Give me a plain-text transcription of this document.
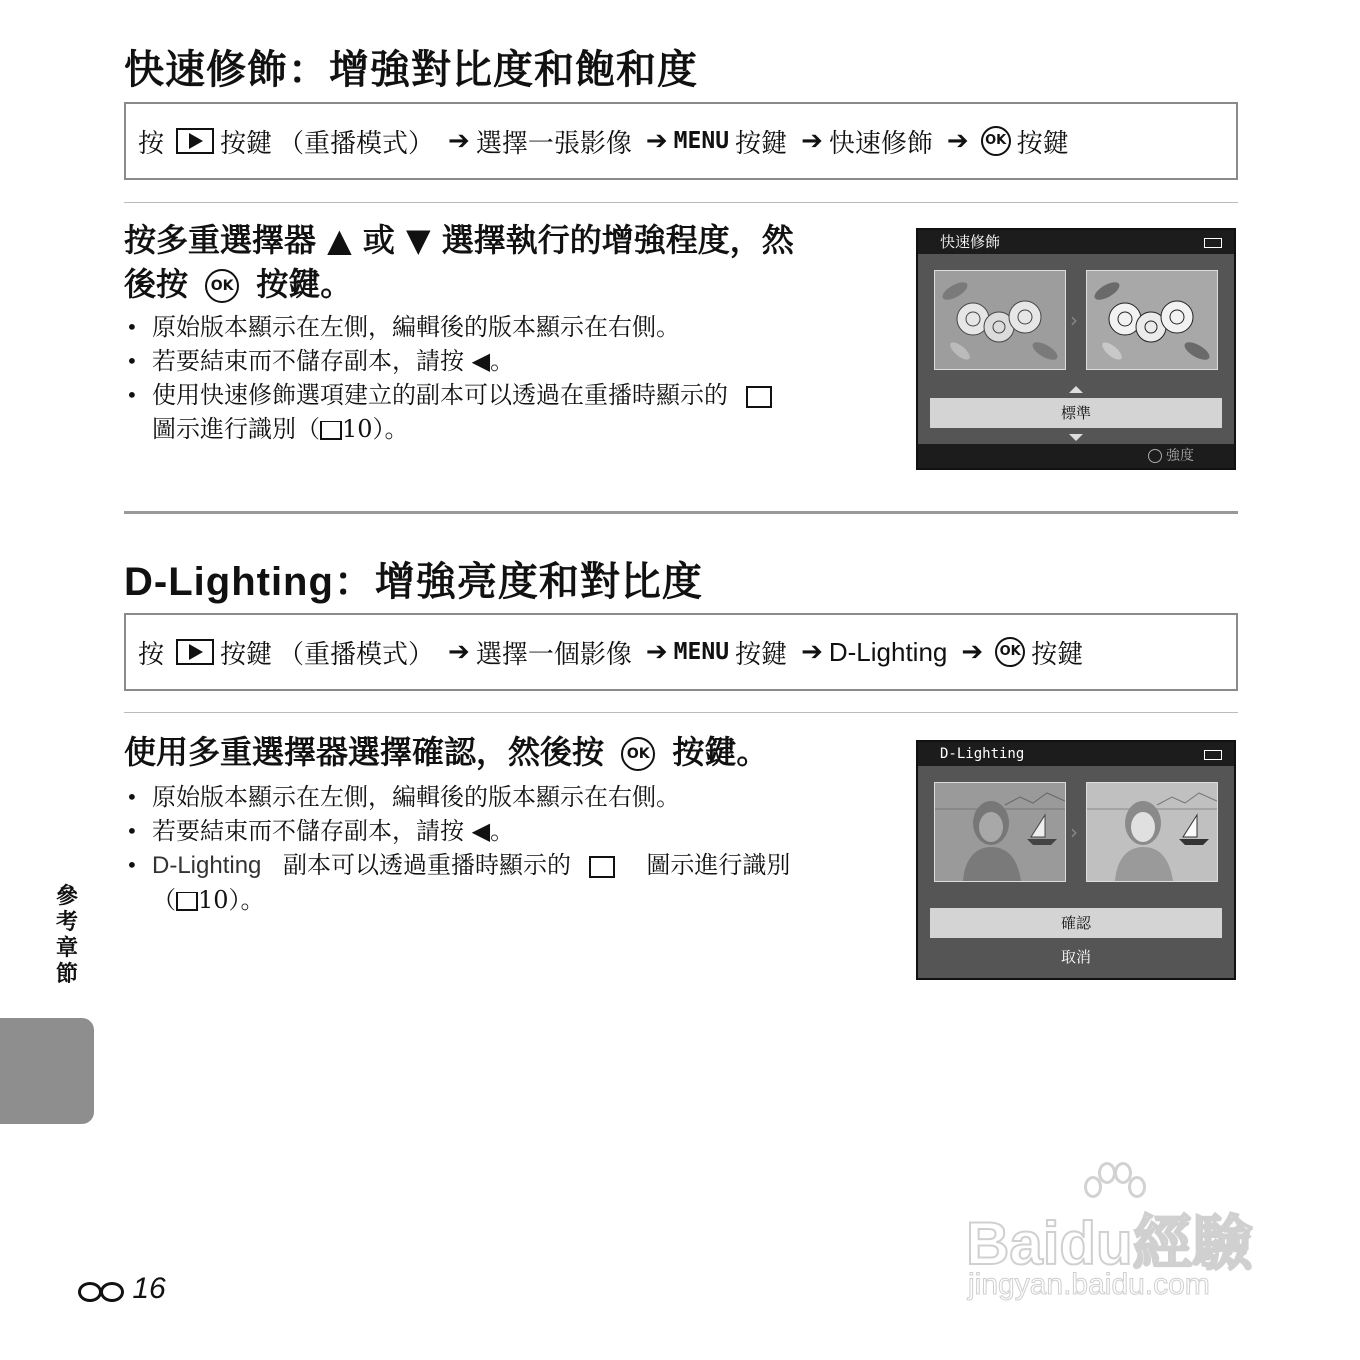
快速修飾：增強對比度和飽和度
按 按鍵 （重播模式） ➔ 選擇一張影像 ➔ MENU 按鍵 ➔ 快速修飾 ➔	OK 按鍵
按多重選擇器 ▲ 或 ▼ 選擇執行的增強程度，然
後按 OK 按鍵。
• 原始版本顯示在左側，編輯後的版本顯示在右側。
• 若要結束而不儲存副本，請按 ◀。
• 使用快速修飾選項建立的副本可以透過在重播時顯示的
圖示進行識別（ 10）。
快速修飾
›
標準
強度
D-Lighting：增強亮度和對比度
按 按鍵 （重播模式） ➔ 選擇一個影像 ➔ MENU 按鍵 ➔ D-Lighting ➔	OK 按鍵
使用多重選擇器選擇確認，然後按 OK 按鍵。
• 原始版本顯示在左側，編輯後的版本顯示在右側。
• 若要結束而不儲存副本，請按 ◀。
• D-Lighting 副本可以透過重播時顯示的	圖示進行識別
（ 10）。
D-Lighting
›
確認
取消
參考章節
16
Baidu經驗
jingyan.baidu.com
